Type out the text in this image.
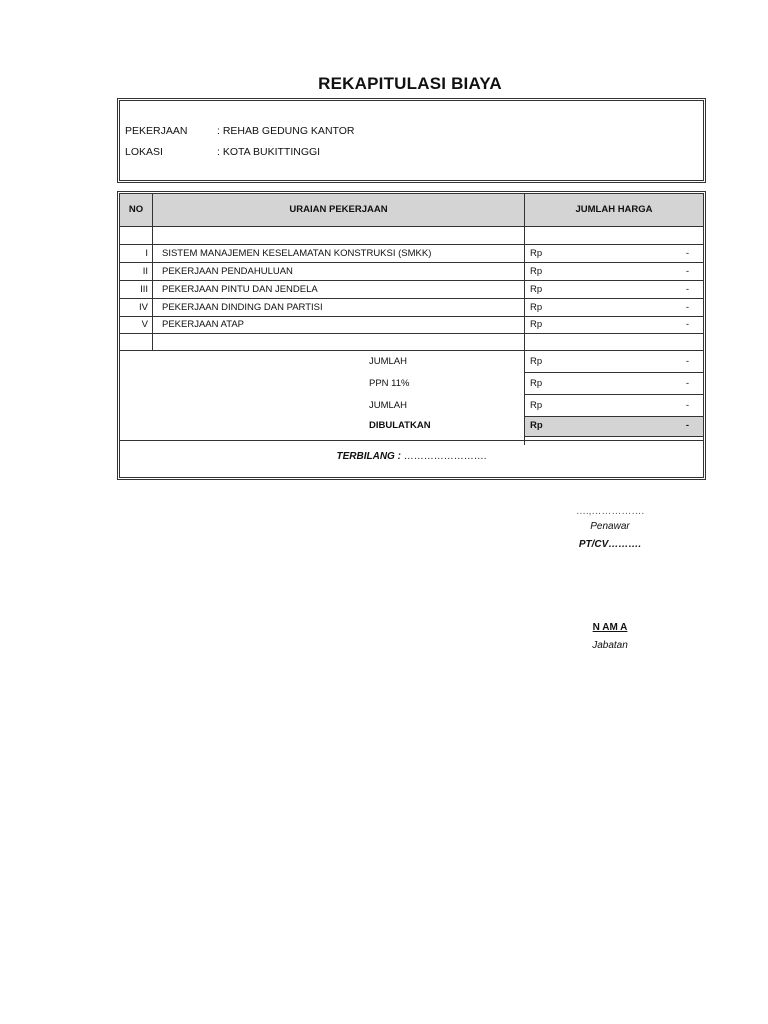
REKAPITULASI BIAYA
PEKERJAAN	: REHAB GEDUNG KANTOR
LOKASI	: KOTA BUKITTINGGI
NO	URAIAN PEKERJAAN	JUMLAH HARGA
I SISTEM MANAJEMEN KESELAMATAN KONSTRUKSI (SMKK)	Rp	-
II PEKERJAAN PENDAHULUAN	Rp	-
III PEKERJAAN PINTU DAN JENDELA	Rp	-
IV PEKERJAAN DINDING DAN PARTISI	Rp	-
V PEKERJAAN ATAP	Rp	-
JUMLAH	Rp	-
PPN 11%	Rp	-
JUMLAH	Rp	-
DIBULATKAN	Rp	-
TERBILANG : …………………….
….,…………….
Penawar
PT/CV……….
N AM A
Jabatan
